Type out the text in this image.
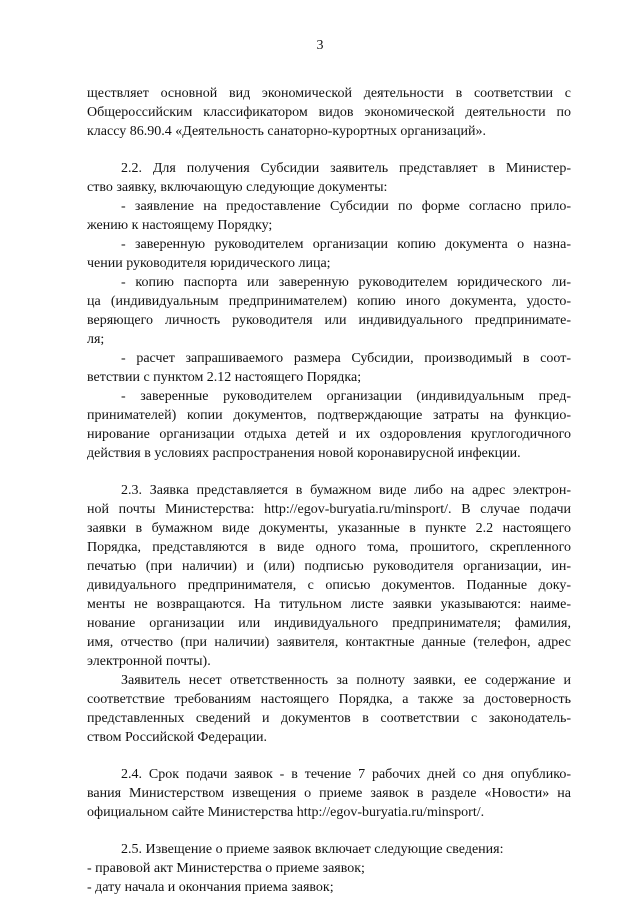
3
ществляет основной вид экономической деятельности в соответствии с
Общероссийским классификатором видов экономической деятельности по
классу 86.90.4 «Деятельность санаторно-курортных организаций».
2.2. Для получения Субсидии заявитель представляет в Министер-
ство заявку, включающую следующие документы:
- заявление на предоставление Субсидии по форме согласно прило-
жению к настоящему Порядку;
- заверенную руководителем организации копию документа о назна-
чении руководителя юридического лица;
- копию паспорта или заверенную руководителем юридического ли-
ца (индивидуальным предпринимателем) копию иного документа, удосто-
веряющего личность руководителя или индивидуального предпринимате-
ля;
- расчет запрашиваемого размера Субсидии, производимый в соот-
ветствии с пунктом 2.12 настоящего Порядка;
- заверенные руководителем организации (индивидуальным пред-
принимателей) копии документов, подтверждающие затраты на функцио-
нирование организации отдыха детей и их оздоровления круглогодичного
действия в условиях распространения новой коронавирусной инфекции.
2.3. Заявка представляется в бумажном виде либо на адрес электрон-
ной почты Министерства: http://egov-buryatia.ru/minsport/. В случае подачи
заявки в бумажном виде документы, указанные в пункте 2.2 настоящего
Порядка, представляются в виде одного тома, прошитого, скрепленного
печатью (при наличии) и (или) подписью руководителя организации, ин-
дивидуального предпринимателя, с описью документов. Поданные доку-
менты не возвращаются. На титульном листе заявки указываются: наиме-
нование организации или индивидуального предпринимателя; фамилия,
имя, отчество (при наличии) заявителя, контактные данные (телефон, адрес
электронной почты).
Заявитель несет ответственность за полноту заявки, ее содержание и
соответствие требованиям настоящего Порядка, а также за достоверность
представленных сведений и документов в соответствии с законодатель-
ством Российской Федерации.
2.4. Срок подачи заявок - в течение 7 рабочих дней со дня опублико-
вания Министерством извещения о приеме заявок в разделе «Новости» на
официальном сайте Министерства http://egov-buryatia.ru/minsport/.
2.5. Извещение о приеме заявок включает следующие сведения:
- правовой акт Министерства о приеме заявок;
- дату начала и окончания приема заявок;
